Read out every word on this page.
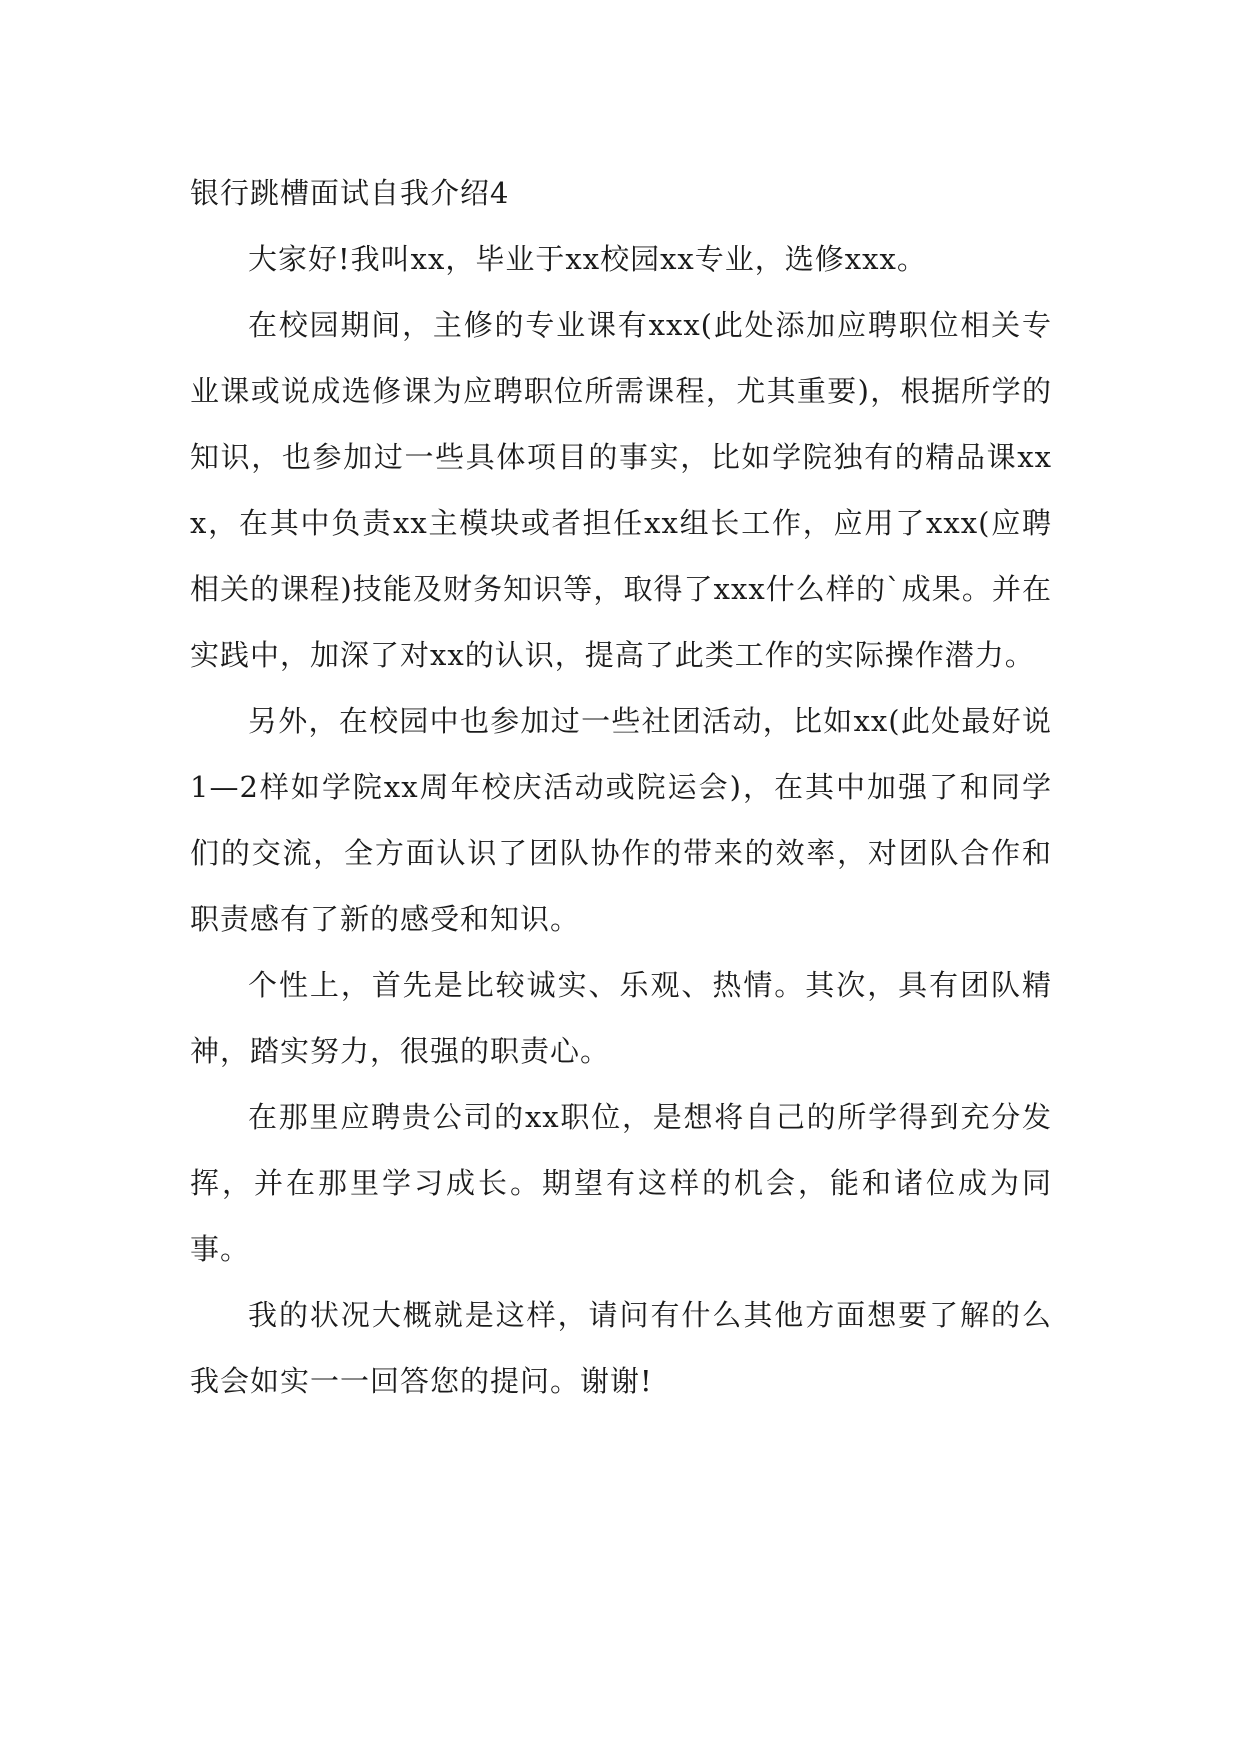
银行跳槽面试自我介绍4

大家好!我叫xx，毕业于xx校园xx专业，选修xxx。

在校园期间，主修的专业课有xxx(此处添加应聘职位相关专业课或说成选修课为应聘职位所需课程，尤其重要)，根据所学的知识，也参加过一些具体项目的事实，比如学院独有的精品课xxx，在其中负责xx主模块或者担任xx组长工作，应用了xxx(应聘相关的课程)技能及财务知识等，取得了xxx什么样的`成果。并在实践中，加深了对xx的认识，提高了此类工作的实际操作潜力。

另外，在校园中也参加过一些社团活动，比如xx(此处最好说1—2样如学院xx周年校庆活动或院运会)，在其中加强了和同学们的交流，全方面认识了团队协作的带来的效率，对团队合作和职责感有了新的感受和知识。

个性上，首先是比较诚实、乐观、热情。其次，具有团队精神，踏实努力，很强的职责心。

在那里应聘贵公司的xx职位，是想将自己的所学得到充分发挥，并在那里学习成长。期望有这样的机会，能和诸位成为同事。

我的状况大概就是这样，请问有什么其他方面想要了解的么我会如实一一回答您的提问。谢谢!
